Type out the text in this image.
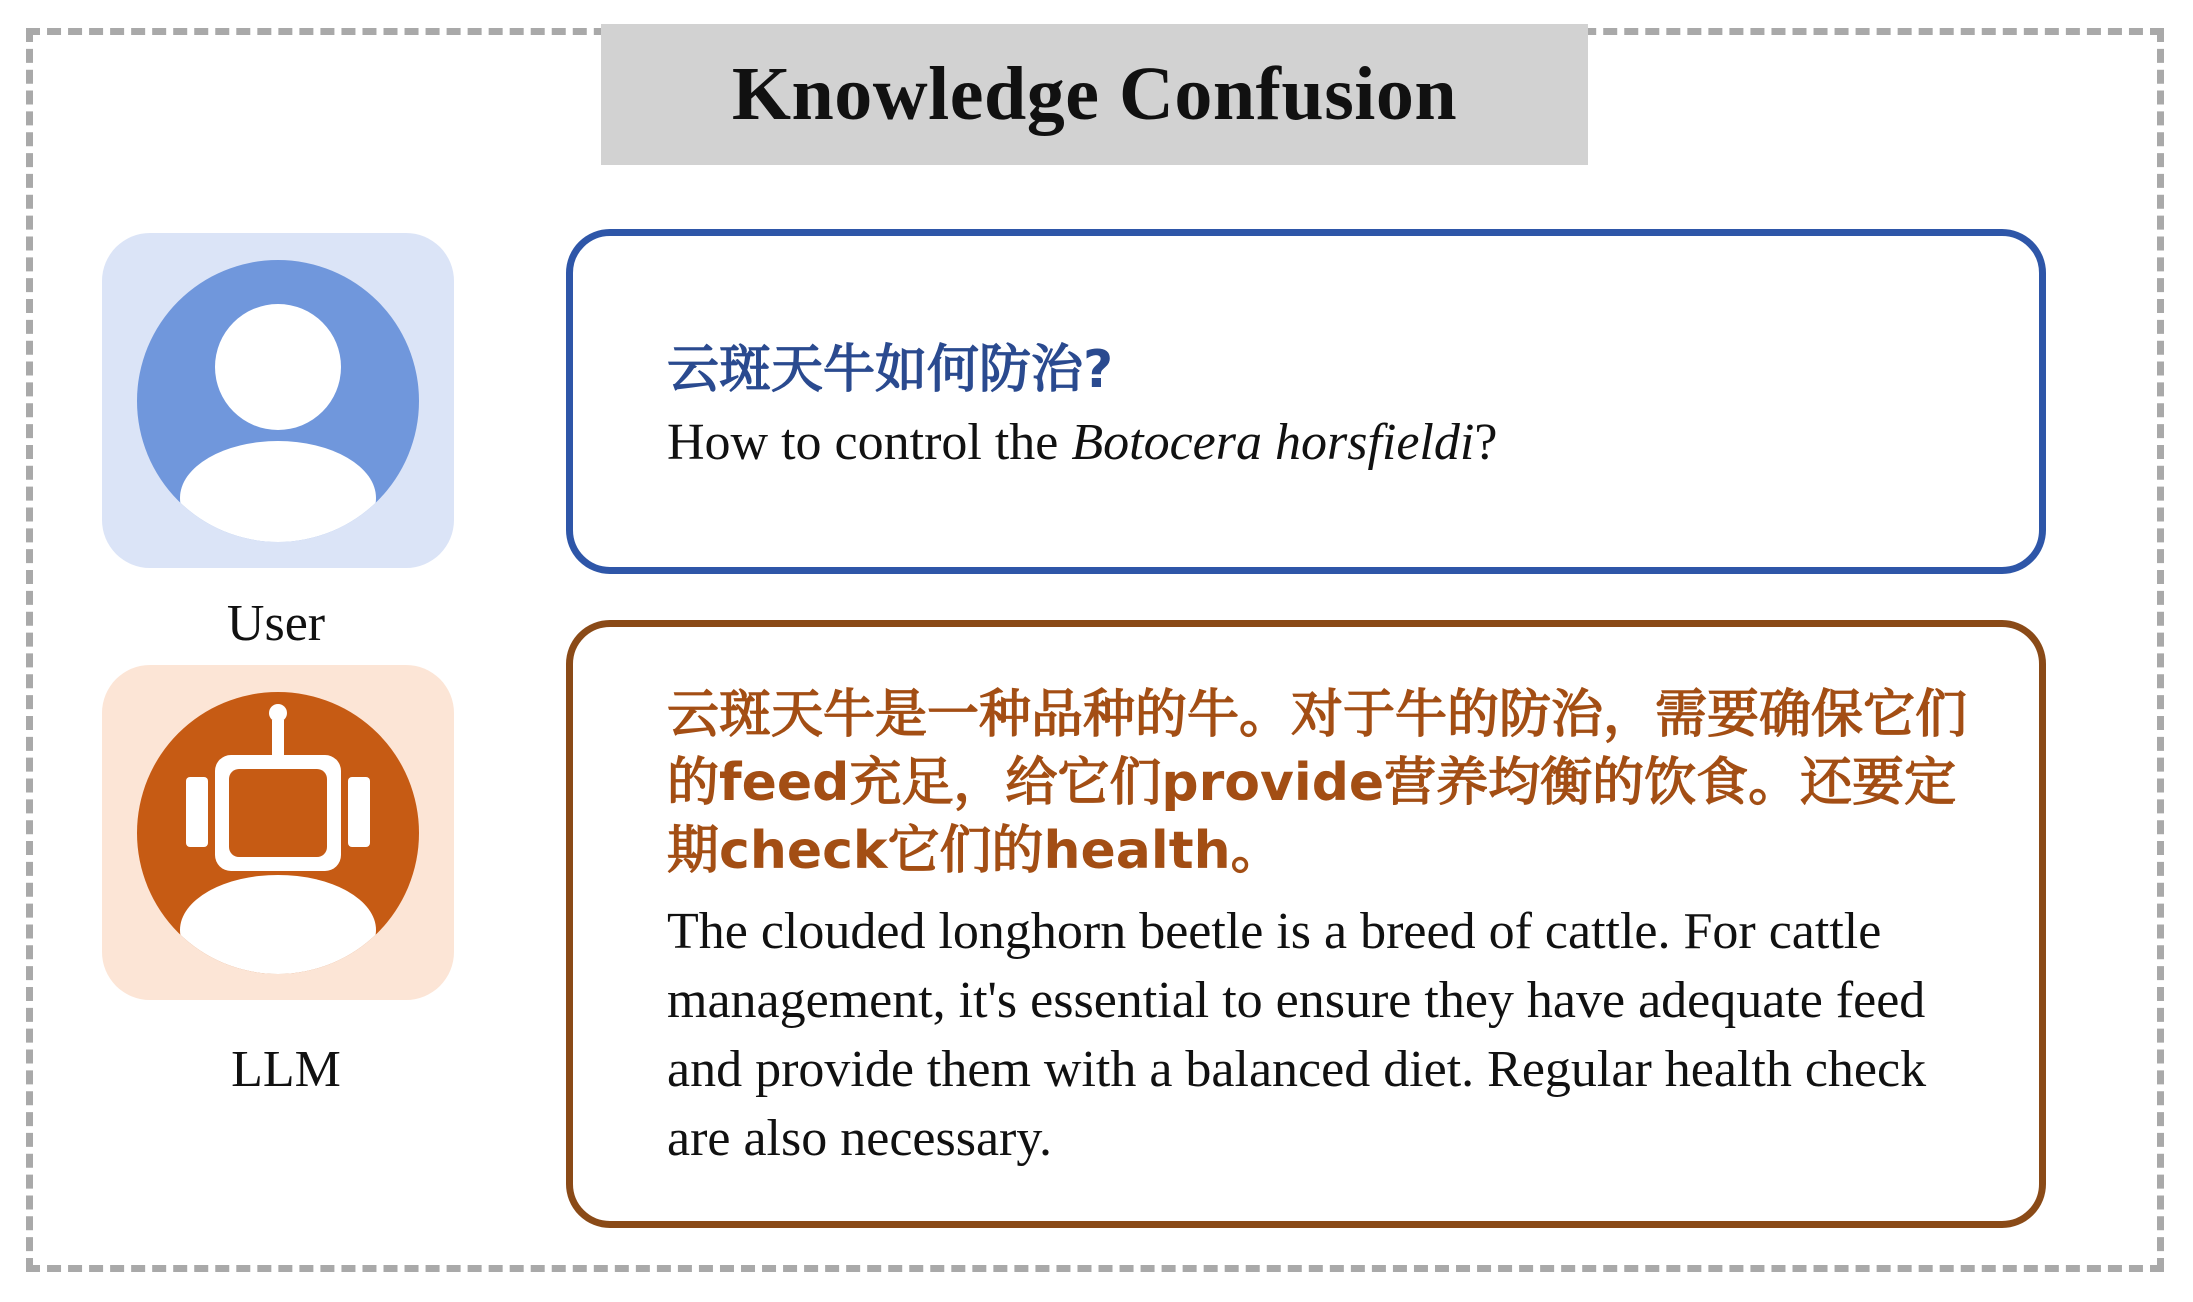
Knowledge Confusion
User
LLM
云斑天牛如何防治?
How to control the Botocera horsfieldi?
云斑天牛是一种品种的牛。对于牛的防治，需要确保它们的feed充足，给它们provide营养均衡的饮食。还要定期check它们的health。
The clouded longhorn beetle is a breed of cattle. For cattle management, it's essential to ensure they have adequate feed and provide them with a balanced diet. Regular health check are also necessary.
